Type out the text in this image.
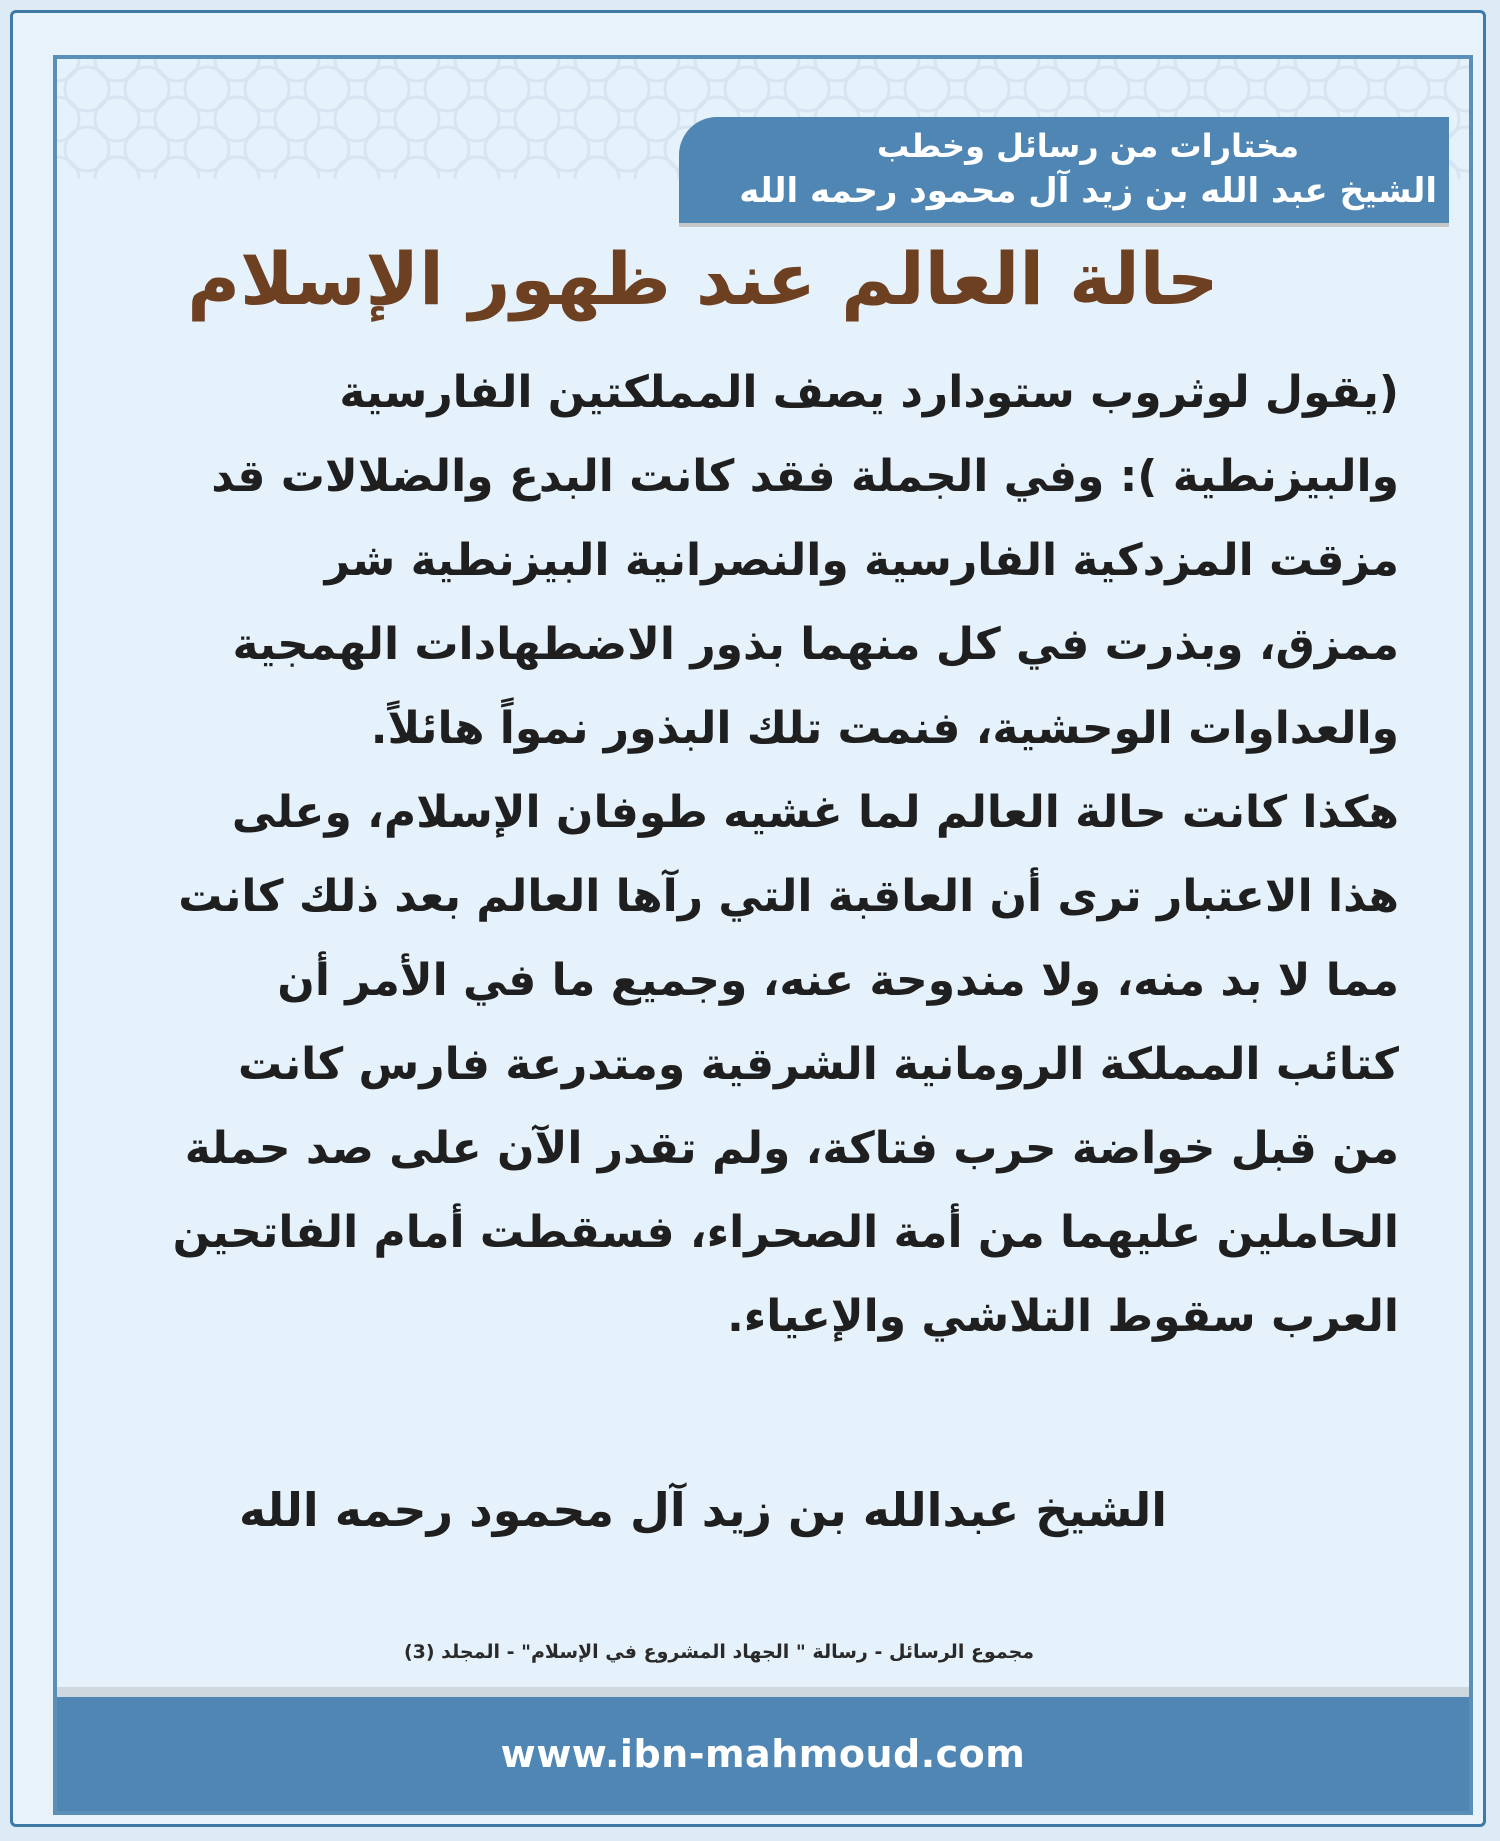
مختارات من رسائل وخطب
الشيخ عبد الله بن زيد آل محمود رحمه الله
حالة العالم عند ظهور الإسلام
(يقول لوثروب ستودارد يصف المملكتين الفارسية
والبيزنطية ): وفي الجملة فقد كانت البدع والضلالات قد
مزقت المزدكية الفارسية والنصرانية البيزنطية شر
ممزق، وبذرت في كل منهما بذور الاضطهادات الهمجية
والعداوات الوحشية، فنمت تلك البذور نمواً هائلاً.
هكذا كانت حالة العالم لما غشيه طوفان الإسلام، وعلى
هذا الاعتبار ترى أن العاقبة التي رآها العالم بعد ذلك كانت
مما لا بد منه، ولا مندوحة عنه، وجميع ما في الأمر أن
كتائب المملكة الرومانية الشرقية ومتدرعة فارس كانت
من قبل خواضة حرب فتاكة، ولم تقدر الآن على صد حملة
الحاملين عليهما من أمة الصحراء، فسقطت أمام الفاتحين
العرب سقوط التلاشي والإعياء.
الشيخ عبدالله بن زيد آل محمود رحمه الله
مجموع الرسائل - رسالة " الجهاد المشروع في الإسلام" - المجلد (3)
www.ibn-mahmoud.com
